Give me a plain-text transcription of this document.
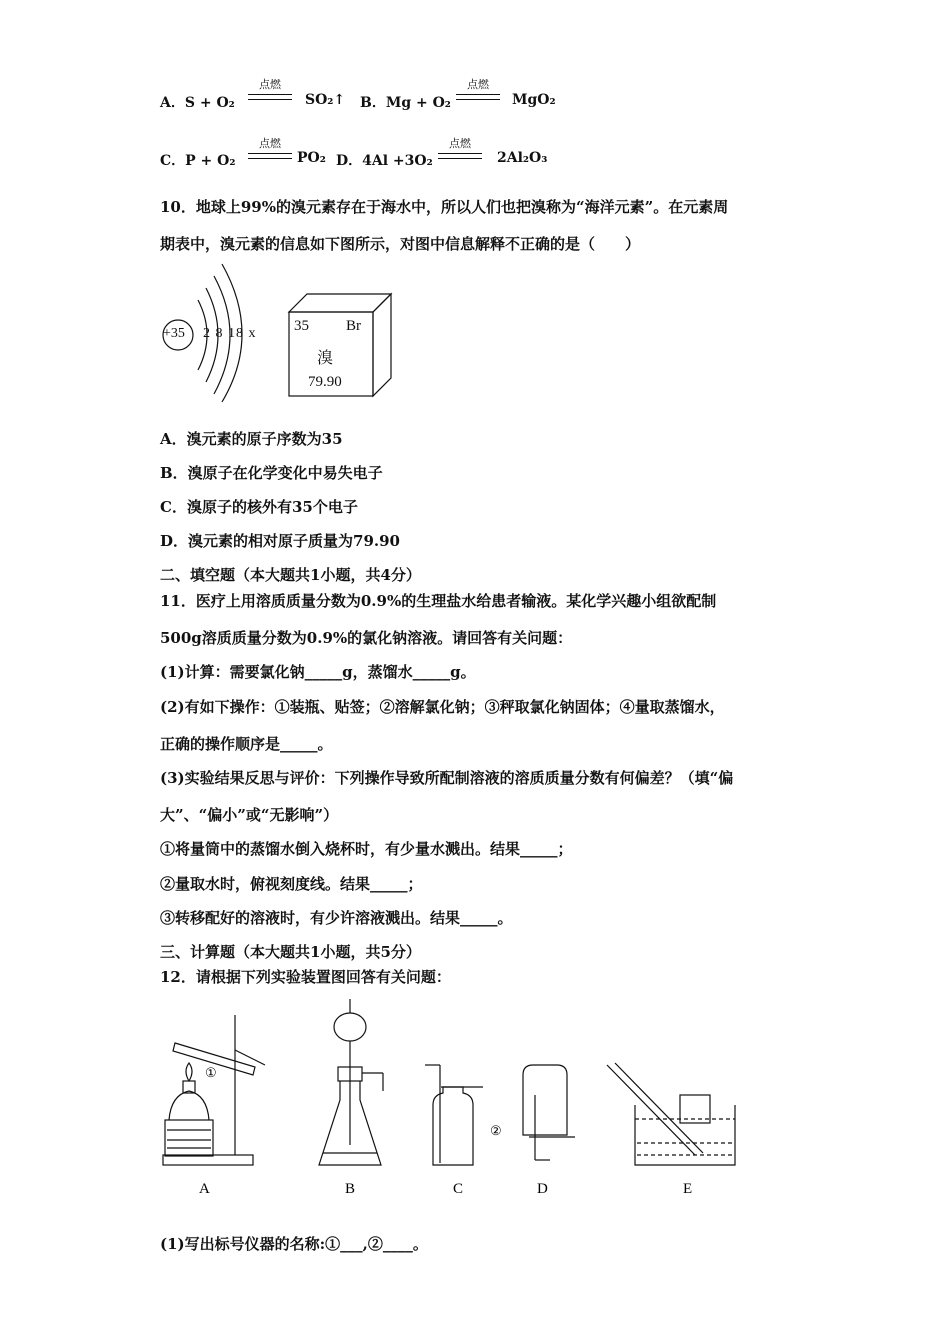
A．S + O₂
点燃
SO₂↑ B．Mg + O₂
点燃
MgO₂
C．P + O₂
点燃
PO₂ D．4Al +3O₂
点燃
2Al₂O₃
10．地球上99%的溴元素存在于海水中，所以人们也把溴称为“海洋元素”。在元素周
期表中，溴元素的信息如下图所示，对图中信息解释不正确的是（　　）
+35 2 8 18 x	35 Br
溴
79.90
A．溴元素的原子序数为35
B．溴原子在化学变化中易失电子
C．溴原子的核外有35个电子
D．溴元素的相对原子质量为79.90
二、填空题（本大题共1小题，共4分）
11．医疗上用溶质质量分数为0.9%的生理盐水给患者输液。某化学兴趣小组欲配制
500g溶质质量分数为0.9%的氯化钠溶液。请回答有关问题：
(1)计算：需要氯化钠_____g，蒸馏水_____g。
(2)有如下操作：①装瓶、贴签；②溶解氯化钠；③秤取氯化钠固体；④量取蒸馏水，
正确的操作顺序是_____。
(3)实验结果反思与评价：下列操作导致所配制溶液的溶质质量分数有何偏差？（填“偏
大”、“偏小”或“无影响”）
①将量筒中的蒸馏水倒入烧杯时，有少量水溅出。结果_____；
②量取水时，俯视刻度线。结果_____；
③转移配好的溶液时，有少许溶液溅出。结果_____。
三、计算题（本大题共1小题，共5分）
12．请根据下列实验装置图回答有关问题：
①
②
A	B	C	D	E
(1)写出标号仪器的名称:①___,②____。
